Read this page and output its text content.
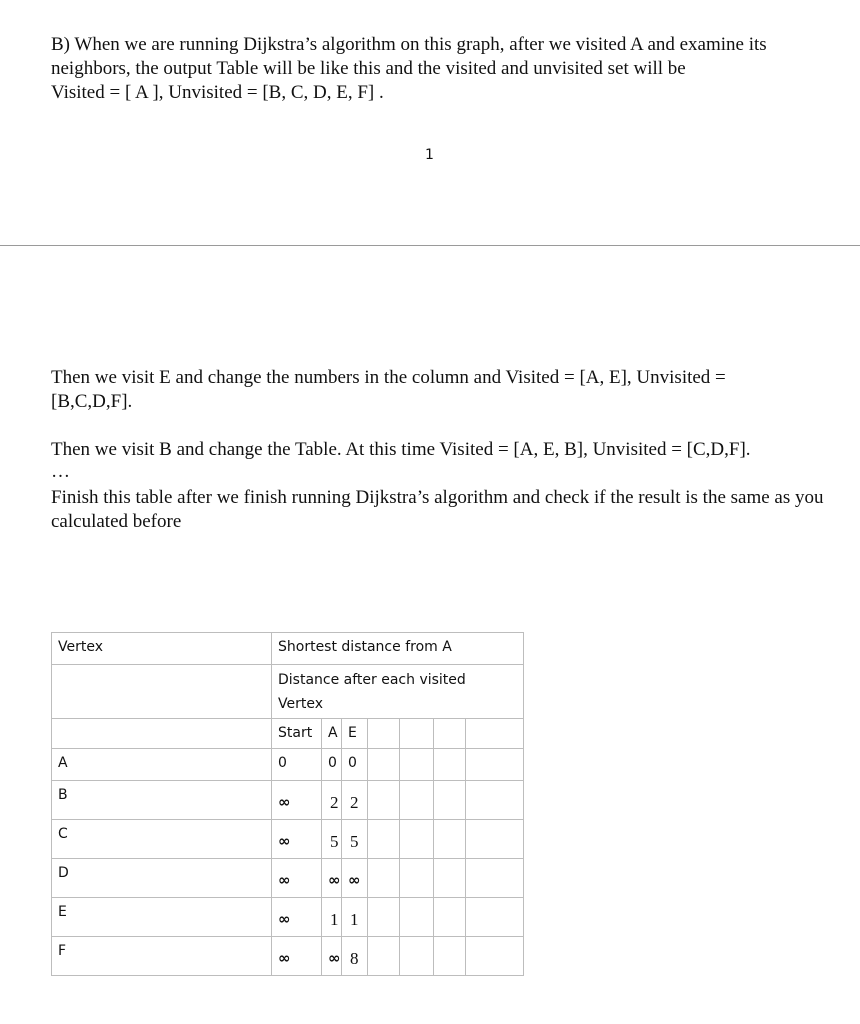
B) When we are running Dijkstra’s algorithm on this graph, after we visited A and examine its
neighbors, the output Table will be like this and the visited and unvisited set will be
Visited = [ A ], Unvisited = [B, C, D, E, F] .
1
Then we visit E and change the numbers in the column and Visited = [A, E], Unvisited = [B,C,D,F].
Then we visit B and change the Table. At this time Visited = [A, E, B], Unvisited = [C,D,F].
…
Finish this table after we finish running Dijkstra’s algorithm and check if the result is the same as you calculated before
Vertex	Shortest distance from A						

	Distance after each visited Vertex						

	Start	A	E				

A	0	0	0				

B	∞	2	2				

C	∞	5	5				

D	∞	∞	∞				

E	∞	1	1				

F	∞	∞	8				
